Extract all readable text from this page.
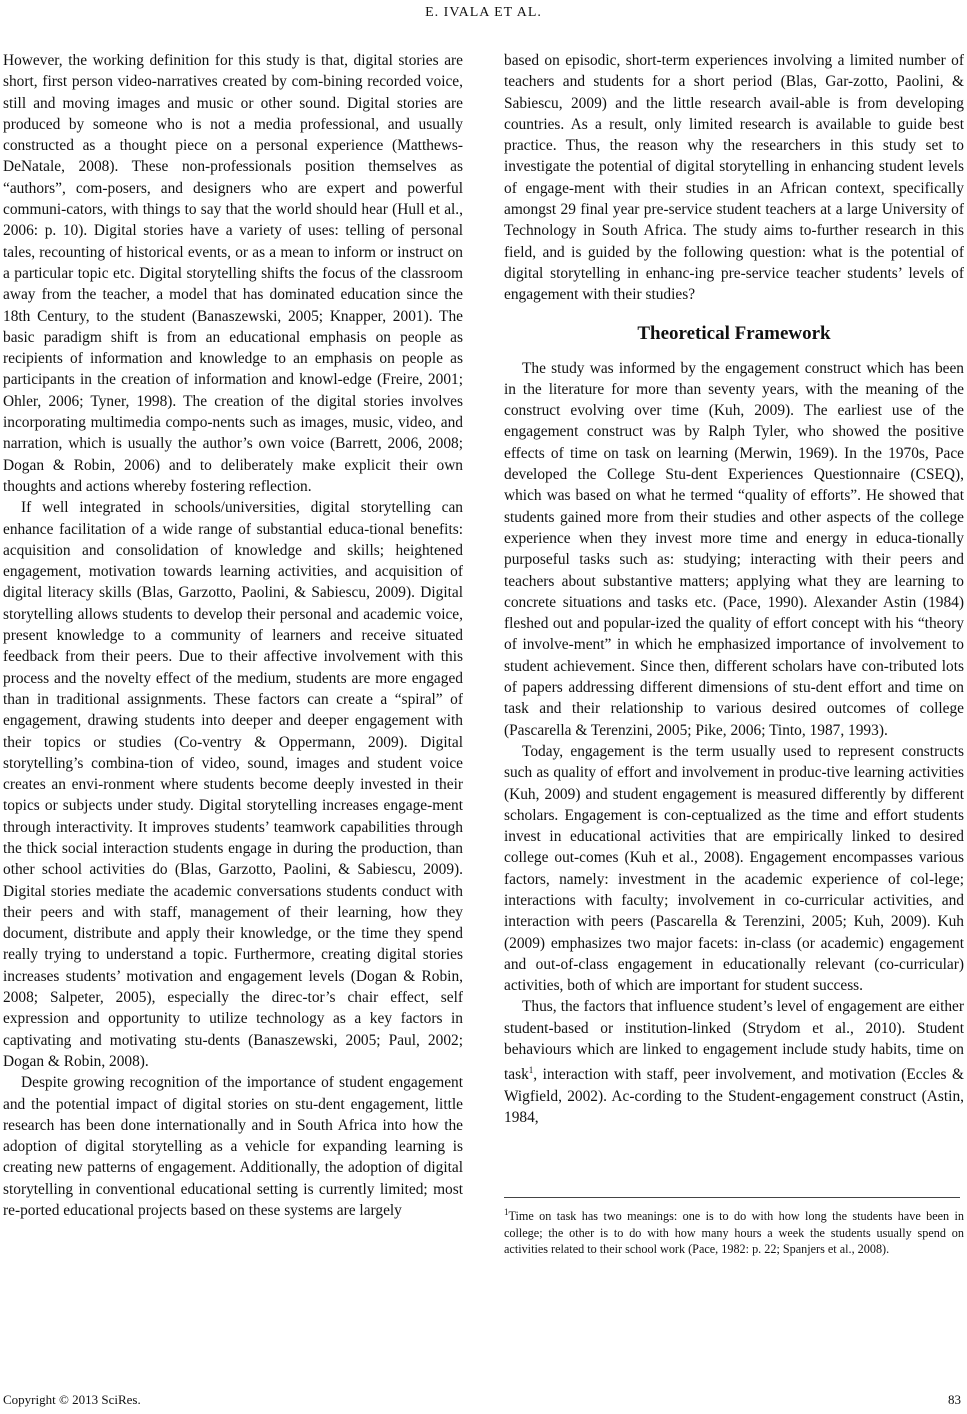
E. IVALA ET AL.

However, the working definition for this study is that, digital stories are short, first person video-narratives created by com-bining recorded voice, still and moving images and music or other sound. Digital stories are produced by someone who is not a media professional, and usually constructed as a thought piece on a personal experience (Matthews-DeNatale, 2008). These non-professionals position themselves as “authors”, com-posers, and designers who are expert and powerful communi-cators, with things to say that the world should hear (Hull et al., 2006: p. 10). Digital stories have a variety of uses: telling of personal tales, recounting of historical events, or as a mean to inform or instruct on a particular topic etc. Digital storytelling shifts the focus of the classroom away from the teacher, a model that has dominated education since the 18th Century, to the student (Banaszewski, 2005; Knapper, 2001). The basic paradigm shift is from an educational emphasis on people as recipients of information and knowledge to an emphasis on people as participants in the creation of information and knowl-edge (Freire, 2001; Ohler, 2006; Tyner, 1998). The creation of the digital stories involves incorporating multimedia compo-nents such as images, music, video, and narration, which is usually the author’s own voice (Barrett, 2006, 2008; Dogan & Robin, 2006) and to deliberately make explicit their own thoughts and actions whereby fostering reflection.

If well integrated in schools/universities, digital storytelling can enhance facilitation of a wide range of substantial educa-tional benefits: acquisition and consolidation of knowledge and skills; heightened engagement, motivation towards learning activities, and acquisition of digital literacy skills (Blas, Garzotto, Paolini, & Sabiescu, 2009). Digital storytelling allows students to develop their personal and academic voice, present knowledge to a community of learners and receive situated feedback from their peers. Due to their affective involvement with this process and the novelty effect of the medium, students are more engaged than in traditional assignments. These factors can create a “spiral” of engagement, drawing students into deeper and deeper engagement with their topics or studies (Co-ventry & Oppermann, 2009). Digital storytelling’s combina-tion of video, sound, images and student voice creates an envi-ronment where students become deeply invested in their topics or subjects under study. Digital storytelling increases engage-ment through interactivity. It improves students’ teamwork capabilities through the thick social interaction students engage in during the production, than other school activities do (Blas, Garzotto, Paolini, & Sabiescu, 2009). Digital stories mediate the academic conversations students conduct with their peers and with staff, management of their learning, how they document, distribute and apply their knowledge, or the time they spend really trying to understand a topic. Furthermore, creating digital stories increases students’ motivation and engagement levels (Dogan & Robin, 2008; Salpeter, 2005), especially the direc-tor’s chair effect, self expression and opportunity to utilize technology as a key factors in captivating and motivating stu-dents (Banaszewski, 2005; Paul, 2002; Dogan & Robin, 2008).

Despite growing recognition of the importance of student engagement and the potential impact of digital stories on stu-dent engagement, little research has been done internationally and in South Africa into how the adoption of digital storytelling as a vehicle for expanding learning is creating new patterns of engagement. Additionally, the adoption of digital storytelling in conventional educational setting is currently limited; most re-ported educational projects based on these systems are largely

based on episodic, short-term experiences involving a limited number of teachers and students for a short period (Blas, Gar-zotto, Paolini, & Sabiescu, 2009) and the little research avail-able is from developing countries. As a result, only limited research is available to guide best practice. Thus, the reason why the researchers in this study set to investigate the potential of digital storytelling in enhancing student levels of engage-ment with their studies in an African context, specifically amongst 29 final year pre-service student teachers at a large University of Technology in South Africa. The study aims to-further research in this field, and is guided by the following question: what is the potential of digital storytelling in enhanc-ing pre-service teacher students’ levels of engagement with their studies?

Theoretical Framework

The study was informed by the engagement construct which has been in the literature for more than seventy years, with the meaning of the construct evolving over time (Kuh, 2009). The earliest use of the engagement construct was by Ralph Tyler, who showed the positive effects of time on task on learning (Merwin, 1969). In the 1970s, Pace developed the College Stu-dent Experiences Questionnaire (CSEQ), which was based on what he termed “quality of efforts”. He showed that students gained more from their studies and other aspects of the college experience when they invest more time and energy in educa-tionally purposeful tasks such as: studying; interacting with their peers and teachers about substantive matters; applying what they are learning to concrete situations and tasks etc. (Pace, 1990). Alexander Astin (1984) fleshed out and popular-ized the quality of effort concept with his “theory of involve-ment” in which he emphasized importance of involvement to student achievement. Since then, different scholars have con-tributed lots of papers addressing different dimensions of stu-dent effort and time on task and their relationship to various desired outcomes of college (Pascarella & Terenzini, 2005; Pike, 2006; Tinto, 1987, 1993).

Today, engagement is the term usually used to represent constructs such as quality of effort and involvement in produc-tive learning activities (Kuh, 2009) and student engagement is measured differently by different scholars. Engagement is con-ceptualized as the time and effort students invest in educational activities that are empirically linked to desired college out-comes (Kuh et al., 2008). Engagement encompasses various factors, namely: investment in the academic experience of col-lege; interactions with faculty; involvement in co-curricular activities, and interaction with peers (Pascarella & Terenzini, 2005; Kuh, 2009). Kuh (2009) emphasizes two major facets: in-class (or academic) engagement and out-of-class engagement in educationally relevant (co-curricular) activities, both of which are important for student success.

Thus, the factors that influence student’s level of engagement are either student-based or institution-linked (Strydom et al., 2010). Student behaviours which are linked to engagement include study habits, time on task$^1$, interaction with staff, peer involvement, and motivation (Eccles & Wigfield, 2002). Ac-cording to the Student-engagement construct (Astin, 1984,

$^1$Time on task has two meanings: one is to do with how long the students have been in college; the other is to do with how many hours a week the students usually spend on activities related to their school work (Pace, 1982: p. 22; Spanjers et al., 2008).
Copyright © 2013 SciRes.	83
